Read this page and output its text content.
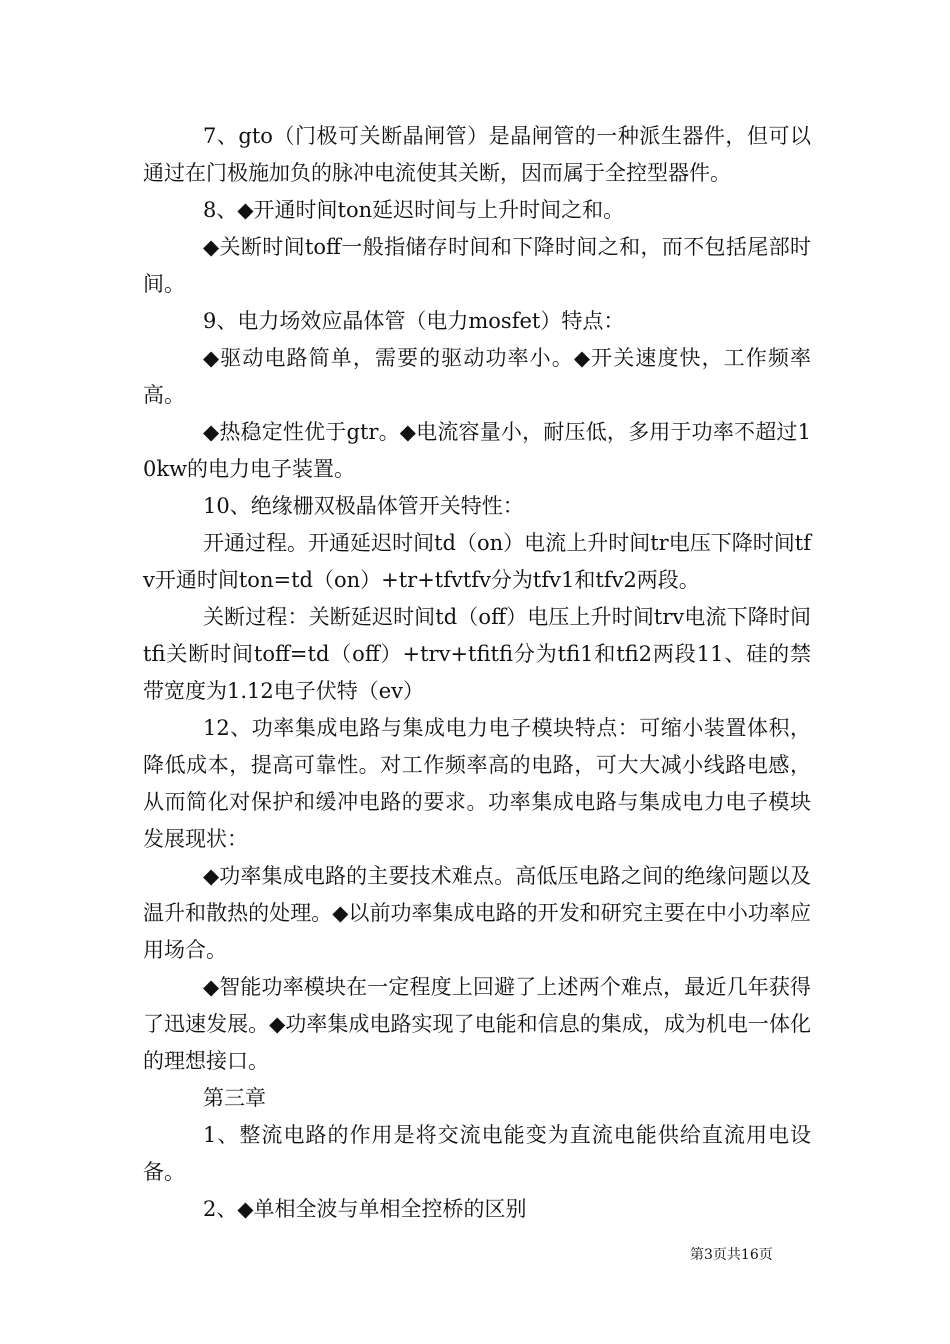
7、gto（门极可关断晶闸管）是晶闸管的一种派生器件，但可以通过在门极施加负的脉冲电流使其关断，因而属于全控型器件。

8、◆开通时间ton延迟时间与上升时间之和。

◆关断时间toff一般指储存时间和下降时间之和，而不包括尾部时间。

9、电力场效应晶体管（电力mosfet）特点：

◆驱动电路简单，需要的驱动功率小。◆开关速度快，工作频率高。

◆热稳定性优于gtr。◆电流容量小，耐压低，多用于功率不超过10kw的电力电子装置。

10、绝缘栅双极晶体管开关特性：

开通过程。开通延迟时间td（on）电流上升时间tr电压下降时间tfv开通时间ton=td（on）+tr+tfvtfv分为tfv1和tfv2两段。

关断过程：关断延迟时间td（off）电压上升时间trv电流下降时间tfi关断时间toff=td（off）+trv+tfitfi分为tfi1和tfi2两段11、硅的禁带宽度为1.12电子伏特（ev）

12、功率集成电路与集成电力电子模块特点：可缩小装置体积，降低成本，提高可靠性。对工作频率高的电路，可大大减小线路电感，从而简化对保护和缓冲电路的要求。功率集成电路与集成电力电子模块发展现状：

◆功率集成电路的主要技术难点。高低压电路之间的绝缘问题以及温升和散热的处理。◆以前功率集成电路的开发和研究主要在中小功率应用场合。

◆智能功率模块在一定程度上回避了上述两个难点，最近几年获得了迅速发展。◆功率集成电路实现了电能和信息的集成，成为机电一体化的理想接口。

第三章

1、整流电路的作用是将交流电能变为直流电能供给直流用电设备。

2、◆单相全波与单相全控桥的区别

第3页共16页
